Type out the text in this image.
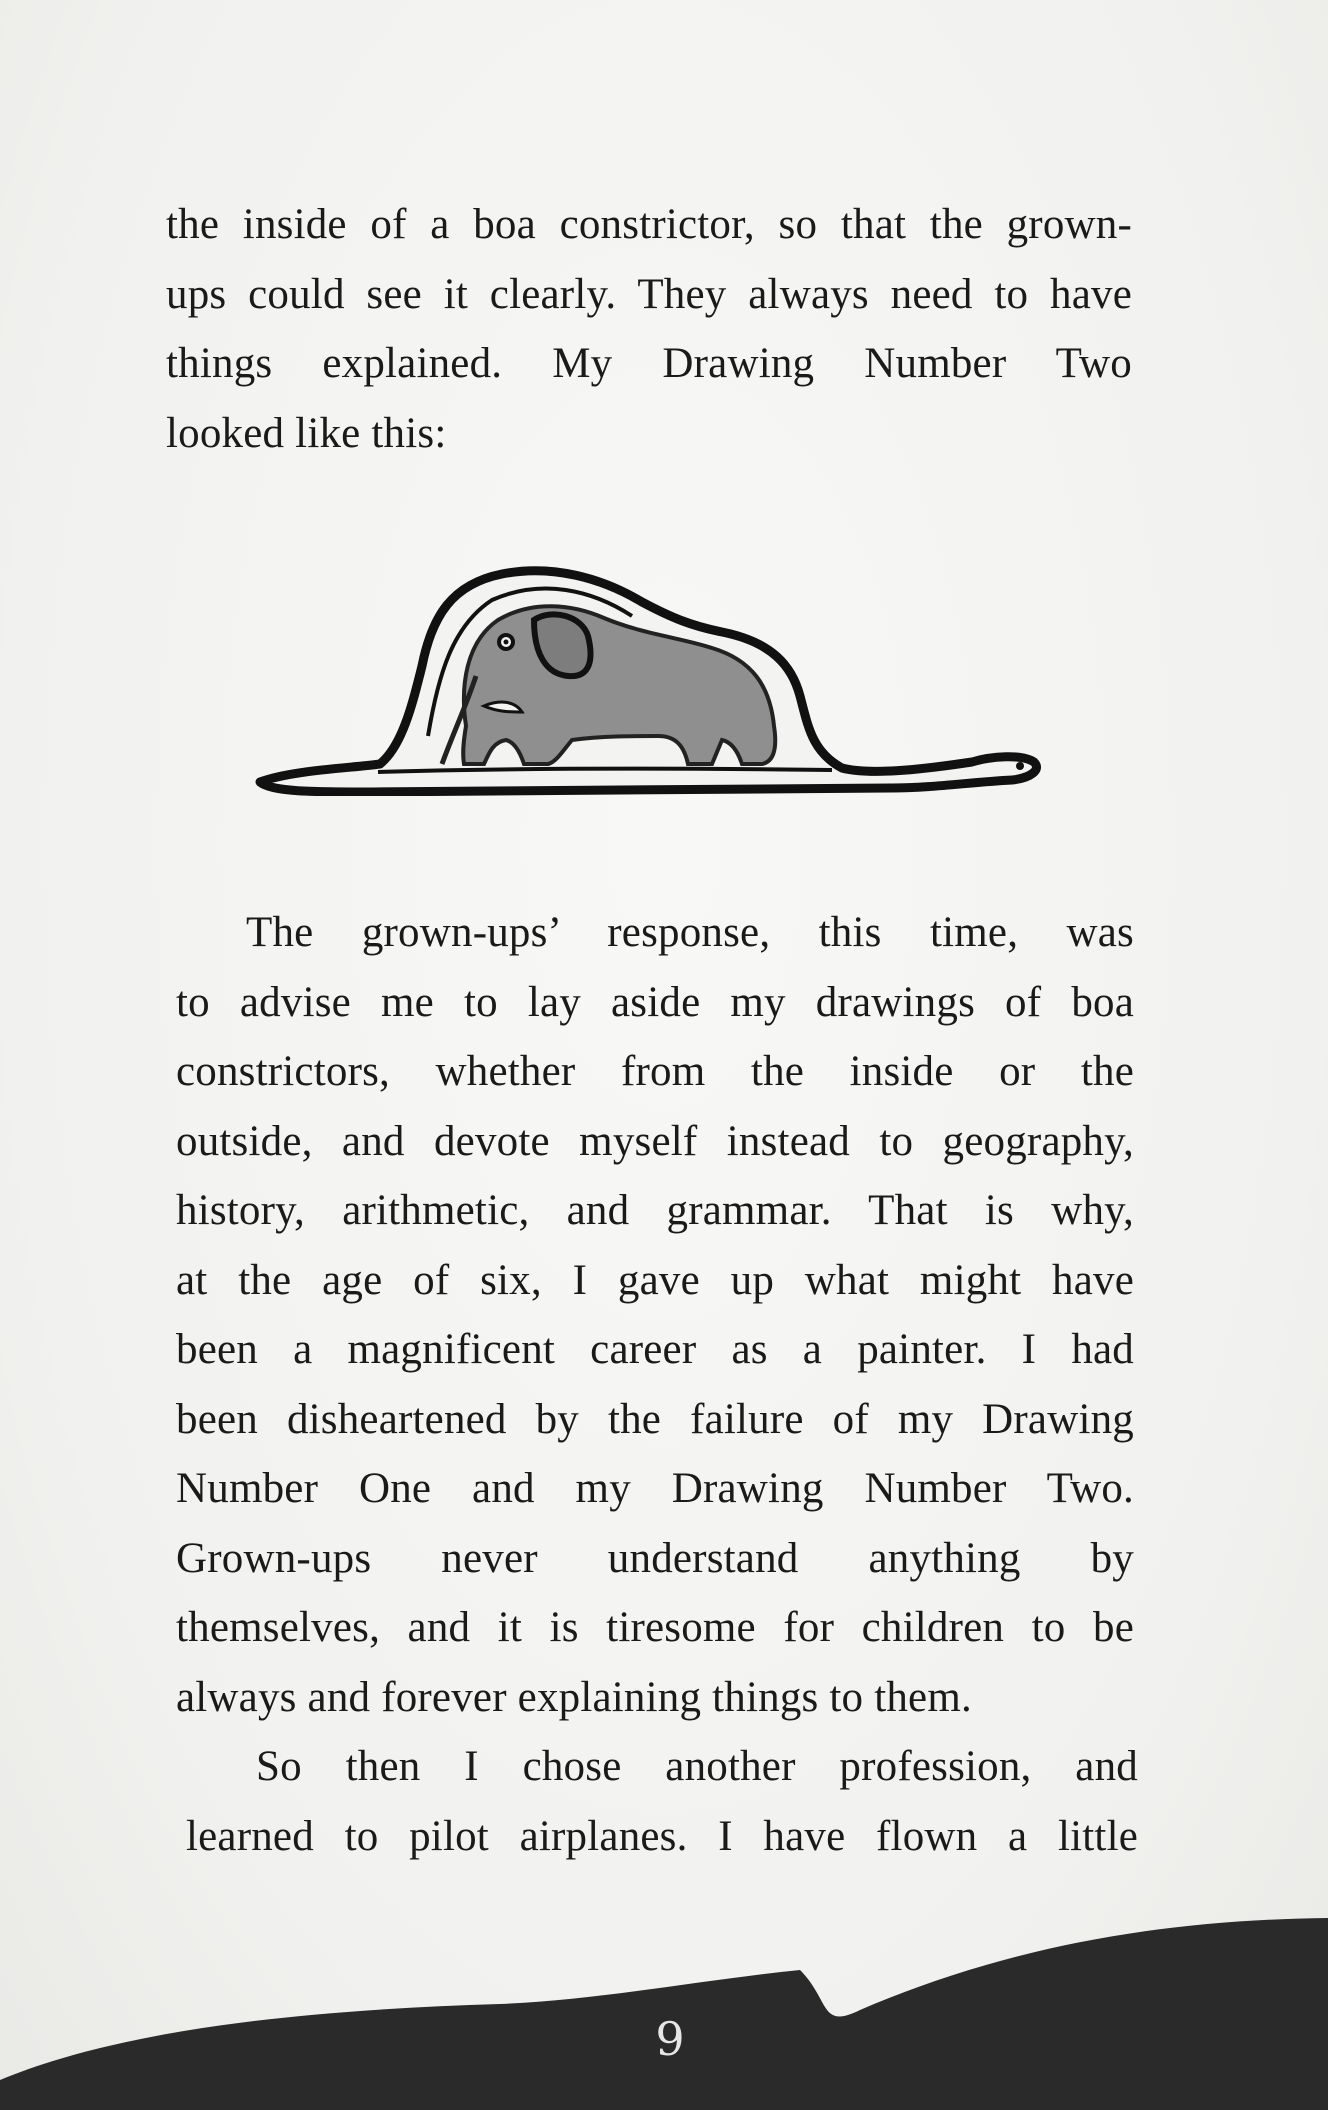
the inside of a boa constrictor, so that the grown-
ups could see it clearly. They always need to have
things explained. My Drawing Number Two
looked like this:
The grown-ups’ response, this time, was
to advise me to lay aside my drawings of boa
constrictors, whether from the inside or the
outside, and devote myself instead to geography,
history, arithmetic, and grammar. That is why,
at the age of six, I gave up what might have
been a magnificent career as a painter. I had
been disheartened by the failure of my Drawing
Number One and my Drawing Number Two.
Grown-ups never understand anything by
themselves, and it is tiresome for children to be
always and forever explaining things to them.
So then I chose another profession, and
learned to pilot airplanes. I have flown a little
9
